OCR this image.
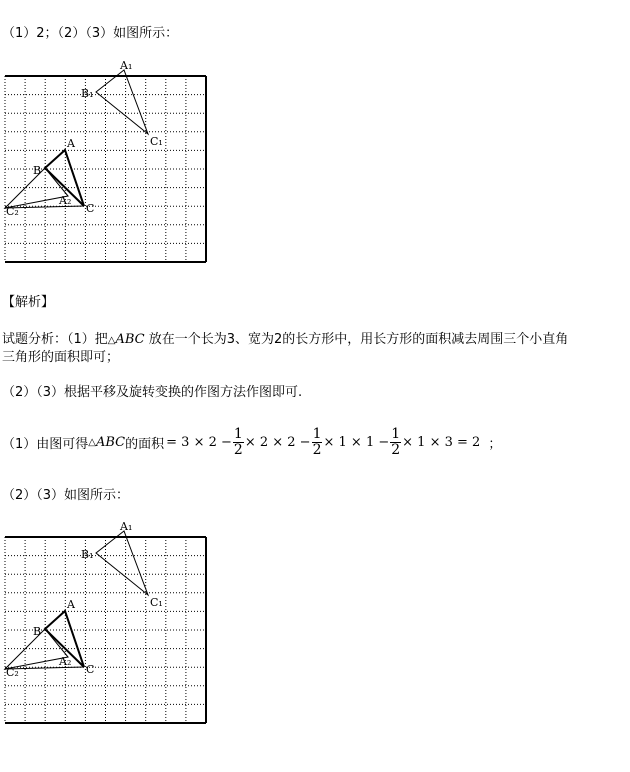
（1）2；（2）（3）如图所示：
A₁
B₁
C₁
A
B
C
A₂
C₂
【解析】
试题分析：（1）把△ABC 放在一个长为3、宽为2的长方形中，用长方形的面积减去周围三个小直角
三角形的面积即可；
（2）（3）根据平移及旋转变换的作图方法作图即可.
（1）由图可得 △ ABC 的面积 = $3 \times 2 - \frac{1}{2} \times 2 \times 2 - \frac{1}{2} \times 1 \times 1 - \frac{1}{2} \times 1 \times 3 = 2$ ；
（2）（3）如图所示：
A₁
B₁
C₁
A
B
C
A₂
C₂
